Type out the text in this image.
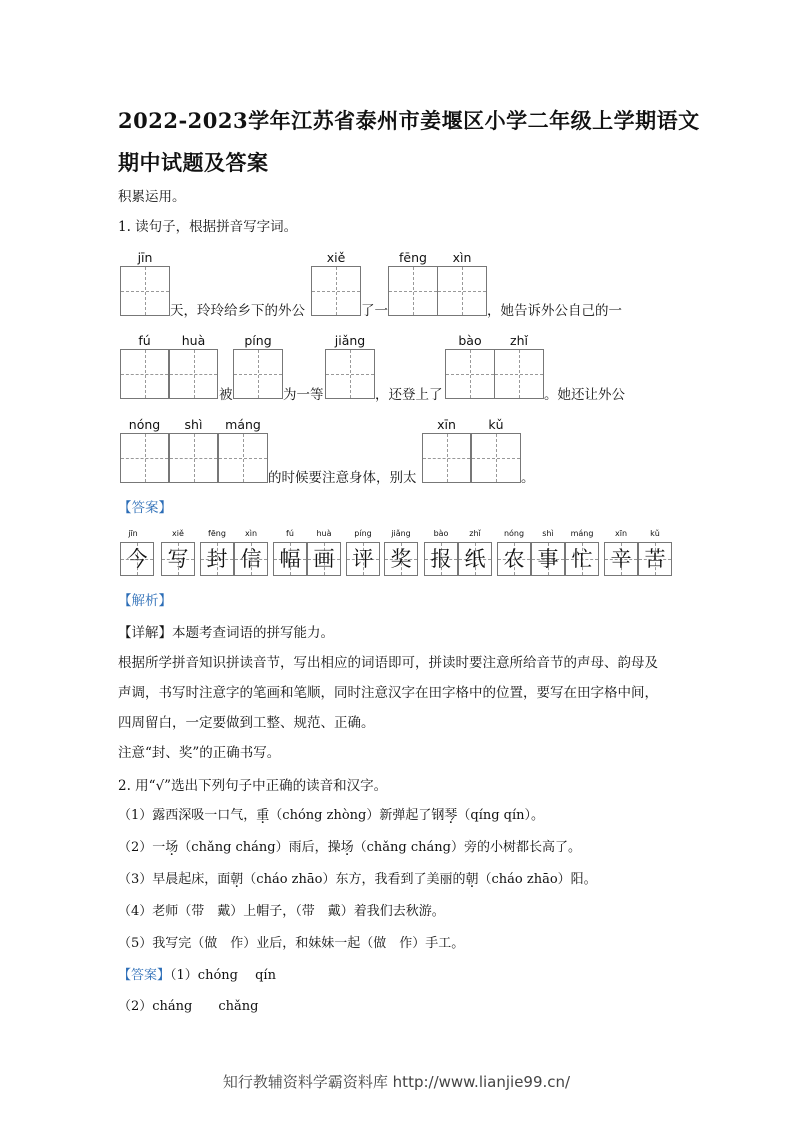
2022-2023学年江苏省泰州市姜堰区小学二年级上学期语文
期中试题及答案
积累运用。
1. 读句子，根据拼音写字词。
jīn	xiě	fēng	xìn
天，玲玲给乡下的外公	了一	，她告诉外公自己的一
fú	huà	píng	jiǎng	bào	zhǐ
被	为一等	，还登上了	。她还让外公
nóng	shì	máng	xīn	kǔ
的时候要注意身体，别太	。
【答案】
jīn	xiě	fēng	xìn	fú	huà	píng	jiǎng	bào	zhǐ	nóng	shì	máng	xīn	kǔ
今 写 封 信 幅 画 评 奖 报 纸 农 事 忙 辛 苦
【解析】
【详解】本题考查词语的拼写能力。
根据所学拼音知识拼读音节，写出相应的词语即可，拼读时要注意所给音节的声母、韵母及
声调，书写时注意字的笔画和笔顺，同时注意汉字在田字格中的位置，要写在田字格中间，
四周留白，一定要做到工整、规范、正确。
注意“封、奖”的正确书写。
2. 用“√”选出下列句子中正确的读音和汉字。
（1）露西深吸一口气，重（chóng zhòng）新弹起了钢琴（qíng qín）。
（2）一场（chǎng cháng）雨后，操场（chǎng cháng）旁的小树都长高了。
（3）早晨起床，面朝（cháo zhāo）东方，我看到了美丽的朝（cháo zhāo）阳。
（4）老师（带　戴）上帽子，（带　戴）着我们去秋游。
（5）我写完（做　作）业后，和妹妹一起（做　作）手工。
【答案】（1）chóng　 qín
（2）cháng　　chǎng
知行教辅资料学霸资料库 http://www.lianjie99.cn/
